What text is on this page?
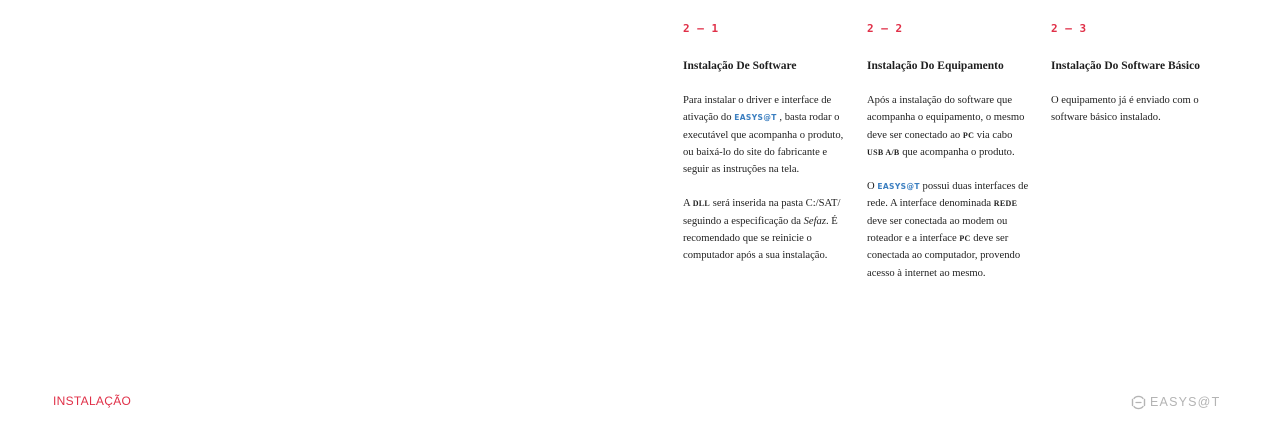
2 – 1

Instalação De Software

Para instalar o driver e interface de ativação do EASYS@T , basta rodar o executável que acompanha o produto, ou baixá-lo do site do fabricante e seguir as instruções na tela.

A DLL será inserida na pasta C:/SAT/ seguindo a especificação da Sefaz. É recomendado que se reinicie o computador após a sua instalação.

2 – 2

Instalação Do Equipamento

Após a instalação do software que acompanha o equipamento, o mesmo deve ser conectado ao PC via cabo USB A/B que acompanha o produto.

O EASYS@T possui duas interfaces de rede. A interface denominada REDE deve ser conectada ao modem ou roteador e a interface PC deve ser conectada ao computador, provendo acesso à internet ao mesmo.

2 – 3

Instalação Do Software Básico

O equipamento já é enviado com o software básico instalado.

INSTALAÇÃO	EASYS@T
